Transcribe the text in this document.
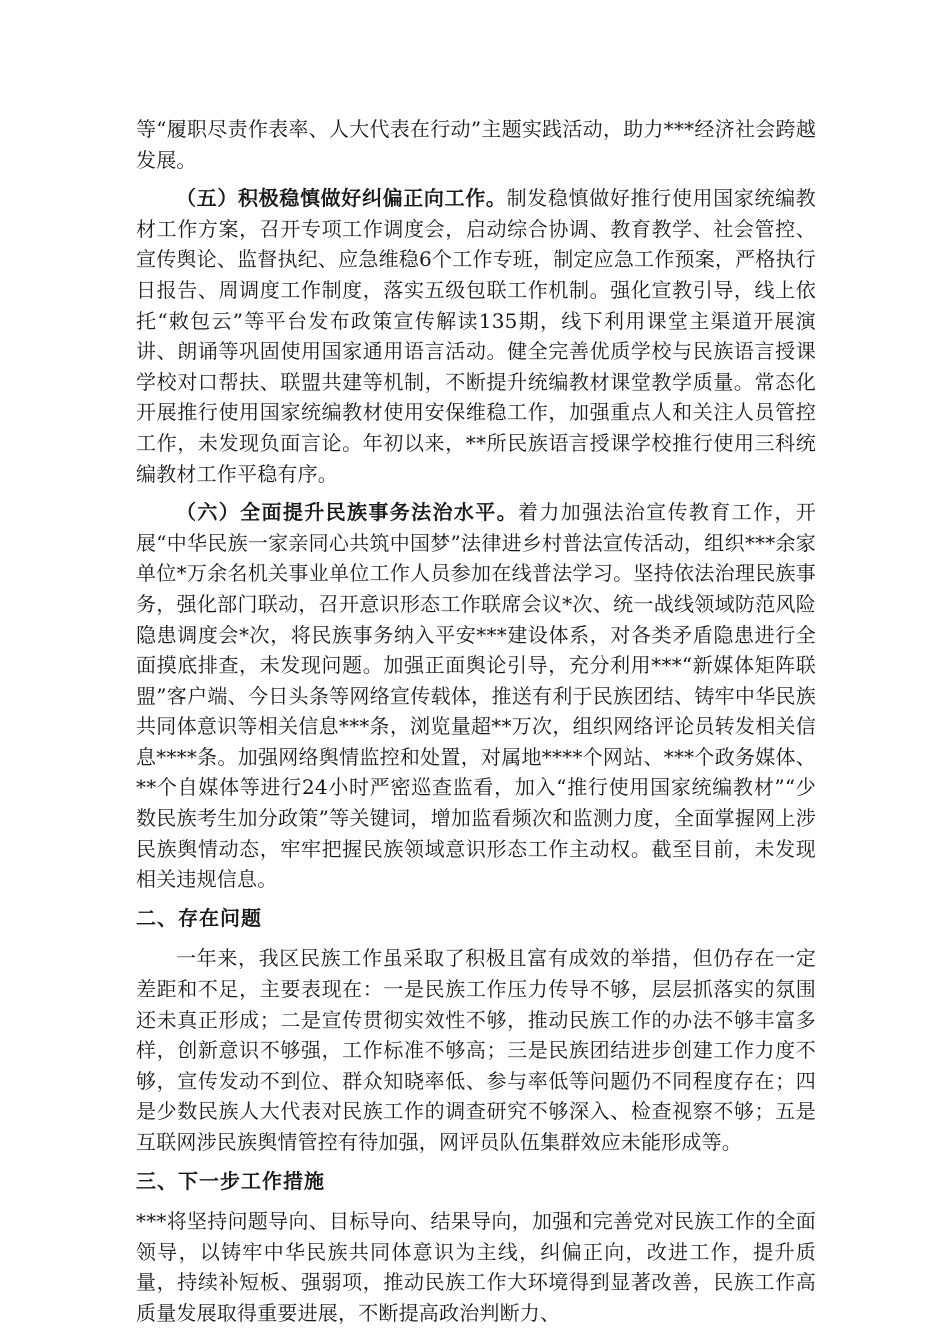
等“履职尽责作表率、人大代表在行动”主题实践活动，助力***经济社会跨越发展。

（五）积极稳慎做好纠偏正向工作。制发稳慎做好推行使用国家统编教材工作方案，召开专项工作调度会，启动综合协调、教育教学、社会管控、宣传舆论、监督执纪、应急维稳6个工作专班，制定应急工作预案，严格执行日报告、周调度工作制度，落实五级包联工作机制。强化宣教引导，线上依托“敕包云”等平台发布政策宣传解读135期，线下利用课堂主渠道开展演讲、朗诵等巩固使用国家通用语言活动。健全完善优质学校与民族语言授课学校对口帮扶、联盟共建等机制，不断提升统编教材课堂教学质量。常态化开展推行使用国家统编教材使用安保维稳工作，加强重点人和关注人员管控工作，未发现负面言论。年初以来，**所民族语言授课学校推行使用三科统编教材工作平稳有序。

（六）全面提升民族事务法治水平。着力加强法治宣传教育工作，开展“中华民族一家亲同心共筑中国梦”法律进乡村普法宣传活动，组织***余家单位*万余名机关事业单位工作人员参加在线普法学习。坚持依法治理民族事务，强化部门联动，召开意识形态工作联席会议*次、统一战线领域防范风险隐患调度会*次，将民族事务纳入平安***建设体系，对各类矛盾隐患进行全面摸底排查，未发现问题。加强正面舆论引导，充分利用***“新媒体矩阵联盟”客户端、今日头条等网络宣传载体，推送有利于民族团结、铸牢中华民族共同体意识等相关信息***条，浏览量超**万次，组织网络评论员转发相关信息****条。加强网络舆情监控和处置，对属地****个网站、***个政务媒体、**个自媒体等进行24小时严密巡查监看，加入“推行使用国家统编教材”“少数民族考生加分政策”等关键词，增加监看频次和监测力度，全面掌握网上涉民族舆情动态，牢牢把握民族领域意识形态工作主动权。截至目前，未发现相关违规信息。

二、存在问题

一年来，我区民族工作虽采取了积极且富有成效的举措，但仍存在一定差距和不足，主要表现在：一是民族工作压力传导不够，层层抓落实的氛围还未真正形成；二是宣传贯彻实效性不够，推动民族工作的办法不够丰富多样，创新意识不够强，工作标准不够高；三是民族团结进步创建工作力度不够，宣传发动不到位、群众知晓率低、参与率低等问题仍不同程度存在；四是少数民族人大代表对民族工作的调查研究不够深入、检查视察不够；五是互联网涉民族舆情管控有待加强，网评员队伍集群效应未能形成等。

三、下一步工作措施

***将坚持问题导向、目标导向、结果导向，加强和完善党对民族工作的全面领导，以铸牢中华民族共同体意识为主线，纠偏正向，改进工作，提升质量，持续补短板、强弱项，推动民族工作大环境得到显著改善，民族工作高质量发展取得重要进展，不断提高政治判断力、
